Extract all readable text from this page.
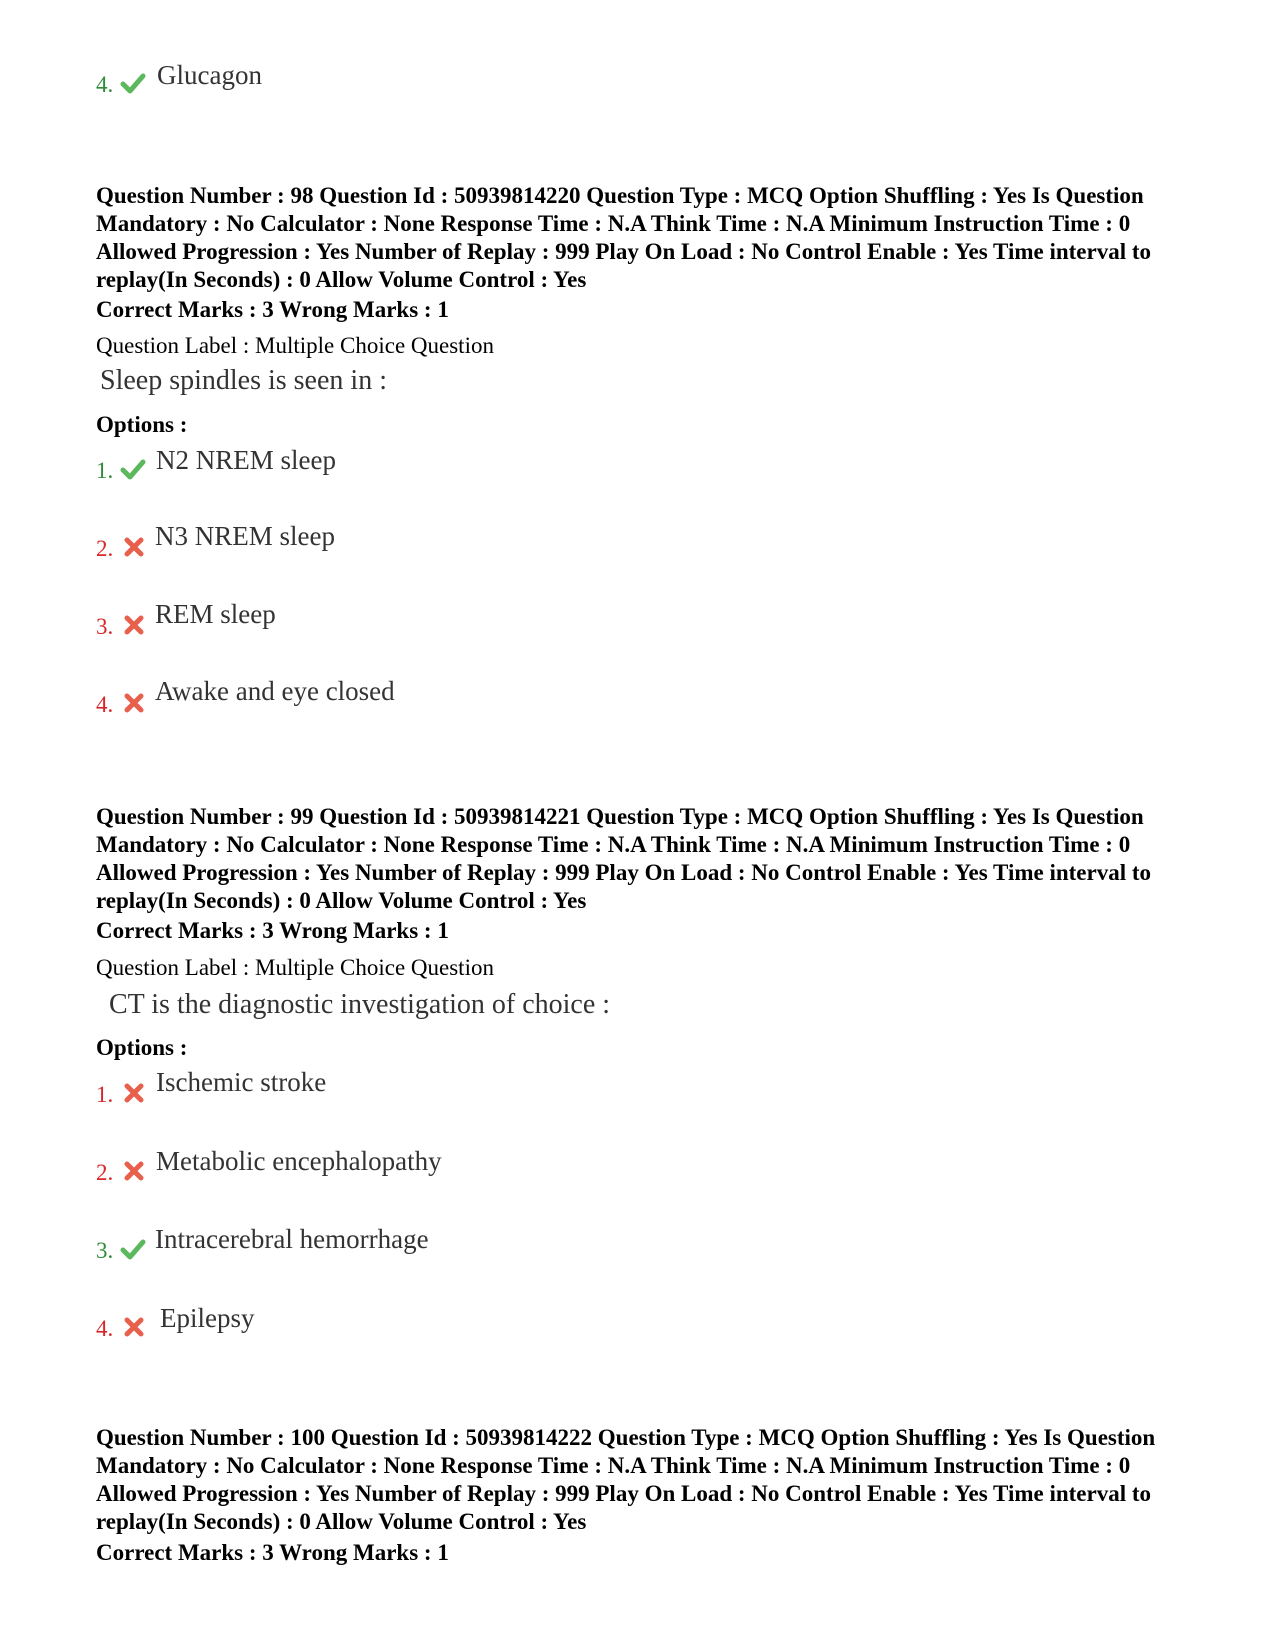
4. Glucagon
Question Number : 98 Question Id : 50939814220 Question Type : MCQ Option Shuffling : Yes Is Question Mandatory : No Calculator : None Response Time : N.A Think Time : N.A Minimum Instruction Time : 0 Allowed Progression : Yes Number of Replay : 999 Play On Load : No Control Enable : Yes Time interval to replay(In Seconds) : 0 Allow Volume Control : Yes
Correct Marks : 3 Wrong Marks : 1
Question Label : Multiple Choice Question
Sleep spindles is seen in :
Options :
1. N2 NREM sleep
2. N3 NREM sleep
3. REM sleep
4. Awake and eye closed
Question Number : 99 Question Id : 50939814221 Question Type : MCQ Option Shuffling : Yes Is Question Mandatory : No Calculator : None Response Time : N.A Think Time : N.A Minimum Instruction Time : 0 Allowed Progression : Yes Number of Replay : 999 Play On Load : No Control Enable : Yes Time interval to replay(In Seconds) : 0 Allow Volume Control : Yes
Correct Marks : 3 Wrong Marks : 1
Question Label : Multiple Choice Question
CT is the diagnostic investigation of choice :
Options :
1. Ischemic stroke
2. Metabolic encephalopathy
3. Intracerebral hemorrhage
4. Epilepsy
Question Number : 100 Question Id : 50939814222 Question Type : MCQ Option Shuffling : Yes Is Question Mandatory : No Calculator : None Response Time : N.A Think Time : N.A Minimum Instruction Time : 0 Allowed Progression : Yes Number of Replay : 999 Play On Load : No Control Enable : Yes Time interval to replay(In Seconds) : 0 Allow Volume Control : Yes
Correct Marks : 3 Wrong Marks : 1
